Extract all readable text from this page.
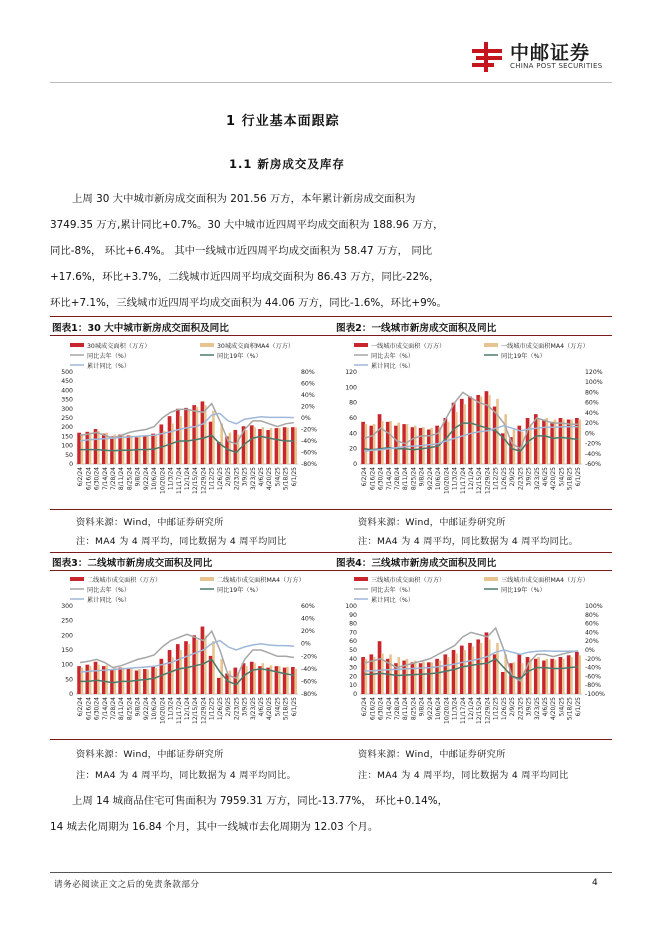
中邮证券
CHINA POST SECURITIES
1 行业基本面跟踪
1.1 新房成交及库存
上周 30 大中城市新房成交面积为 201.56 万方，本年累计新房成交面积为
3749.35 万方,累计同比+0.7%。30 大中城市近四周平均成交面积为 188.96 万方，
同比-8%， 环比+6.4%。 其中一线城市近四周平均成交面积为 58.47 万方， 同比
+17.6%，环比+3.7%，二线城市近四周平均成交面积为 86.43 万方，同比-22%，
环比+7.1%，三线城市近四周平均成交面积为 44.06 万方，同比-1.6%，环比+9%。
图表1：30 大中城市新房成交面积及同比	图表2：一线城市新房成交面积及同比
30城成交面积（万方）	30城成交面积MA4（万方）
同比去年（%）	同比19年（%）
累计同比（%）
500
450
400
350
300
250
200
150
100
50
0
80%
60%
40%
20%
0%
-20%
-40%
-60%
-80%
6/2/24 6/16/24 6/30/24 7/14/24 7/28/24 8/11/24 8/25/24 9/8/24 9/22/24 10/6/24 10/20/24 11/3/24 11/17/24 12/1/24 12/15/24 12/29/24 1/12/25 1/26/25 2/9/25 2/23/25 3/9/25 3/23/25 4/6/25 4/20/25 5/4/25 5/18/25 6/1/25
一线城市成交面积（万方）	一线城市成交面积MA4（万方）
同比去年（%）	同比19年（%）
累计同比（%）
120
100
80
60
40
20
0
120%
100%
80%
60%
40%
20%
0%
-20%
-40%
-60%
6/2/24 6/16/24 6/30/24 7/14/24 7/28/24 8/11/24 8/25/24 9/8/24 9/22/24 10/6/24 10/20/24 11/3/24 11/17/24 12/1/24 12/15/24 12/29/24 1/12/25 1/26/25 2/9/25 2/23/25 3/9/25 3/23/25 4/6/25 4/20/25 5/4/25 5/18/25 6/1/25
资料来源：Wind，中邮证券研究所	资料来源：Wind，中邮证券研究所
注：MA4 为 4 周平均，同比数据为 4 周平均同比	注：MA4 为 4 周平均，同比数据为 4 周平均同比。
图表3：二线城市新房成交面积及同比	图表4：三线城市新房成交面积及同比
二线城市成交面积（万方）	二线城市成交面积MA4（万方）
同比去年（%）	同比19年（%）
累计同比（%）
300
250
200
150
100
50
0
60%
40%
20%
0%
-20%
-40%
-60%
-80%
6/2/24 6/16/24 6/30/24 7/14/24 7/28/24 8/11/24 8/25/24 9/8/24 9/22/24 10/6/24 10/20/24 11/3/24 11/17/24 12/1/24 12/15/24 12/29/24 1/12/25 1/26/25 2/9/25 2/23/25 3/9/25 3/23/25 4/6/25 4/20/25 5/4/25 5/18/25 6/1/25
三线城市成交面积（万方）	三线城市成交面积MA4（万方）
同比去年（%）	同比19年（%）
累计同比（%）
100
90
80
70
60
50
40
30
20
10
0
100%
80%
60%
40%
20%
0%
-20%
-40%
-60%
-80%
-100%
6/2/24 6/16/24 6/30/24 7/14/24 7/28/24 8/11/24 8/25/24 9/8/24 9/22/24 10/6/24 10/20/24 11/3/24 11/17/24 12/1/24 12/15/24 12/29/24 1/12/25 1/26/25 2/9/25 2/23/25 3/9/25 3/23/25 4/6/25 4/20/25 5/4/25 5/18/25 6/1/25
资料来源：Wind，中邮证券研究所	资料来源：Wind，中邮证券研究所
注：MA4 为 4 周平均，同比数据为 4 周平均同比。	注：MA4 为 4 周平均，同比数据为 4 周平均同比
上周 14 城商品住宅可售面积为 7959.31 万方，同比-13.77%， 环比+0.14%，
14 城去化周期为 16.84 个月，其中一线城市去化周期为 12.03 个月。
请务必阅读正文之后的免责条款部分	4
